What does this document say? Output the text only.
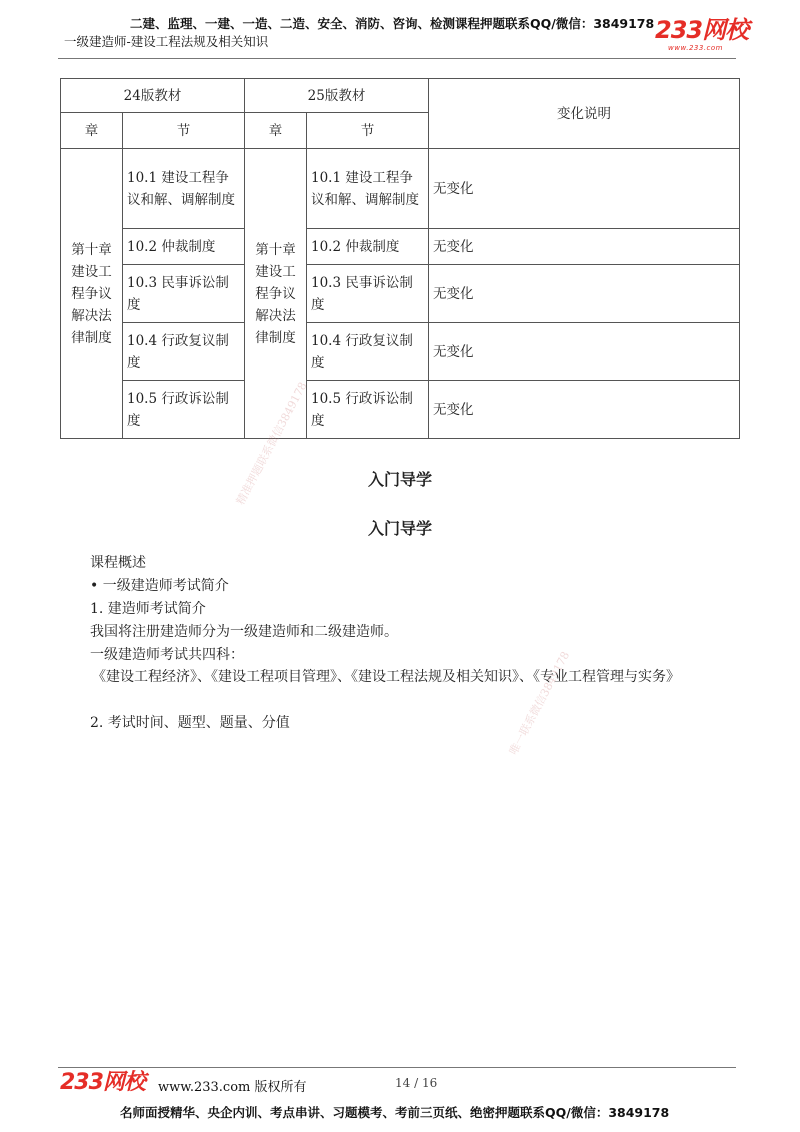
二建、监理、一建、一造、二造、安全、消防、咨询、检测课程押题联系QQ/微信：3849178
一级建造师-建设工程法规及相关知识	233网校
www.233.com
24版教材		25版教材		变化说明
章	节	章	节	
第十章建设工程争议解决法律制度	10.1 建设工程争议和解、调解制度	第十章建设工程争议解决法律制度	10.1 建设工程争议和解、调解制度	无变化
	10.2 仲裁制度		10.2 仲裁制度	无变化
	10.3 民事诉讼制度		10.3 民事诉讼制度	无变化
	10.4 行政复议制度		10.4 行政复议制度	无变化
	10.5 行政诉讼制度		10.5 行政诉讼制度	无变化
精准押题联系微信3849178
唯一联系微信3849178
入门导学
入门导学
课程概述
• 一级建造师考试简介
1. 建造师考试简介
我国将注册建造师分为一级建造师和二级建造师。
一级建造师考试共四科：
《建设工程经济》、《建设工程项目管理》、《建设工程法规及相关知识》、《专业工程管理与实务》
2. 考试时间、题型、题量、分值
233网校 www.233.com 版权所有	14 / 16
名师面授精华、央企内训、考点串讲、习题模考、考前三页纸、绝密押题联系QQ/微信：3849178
